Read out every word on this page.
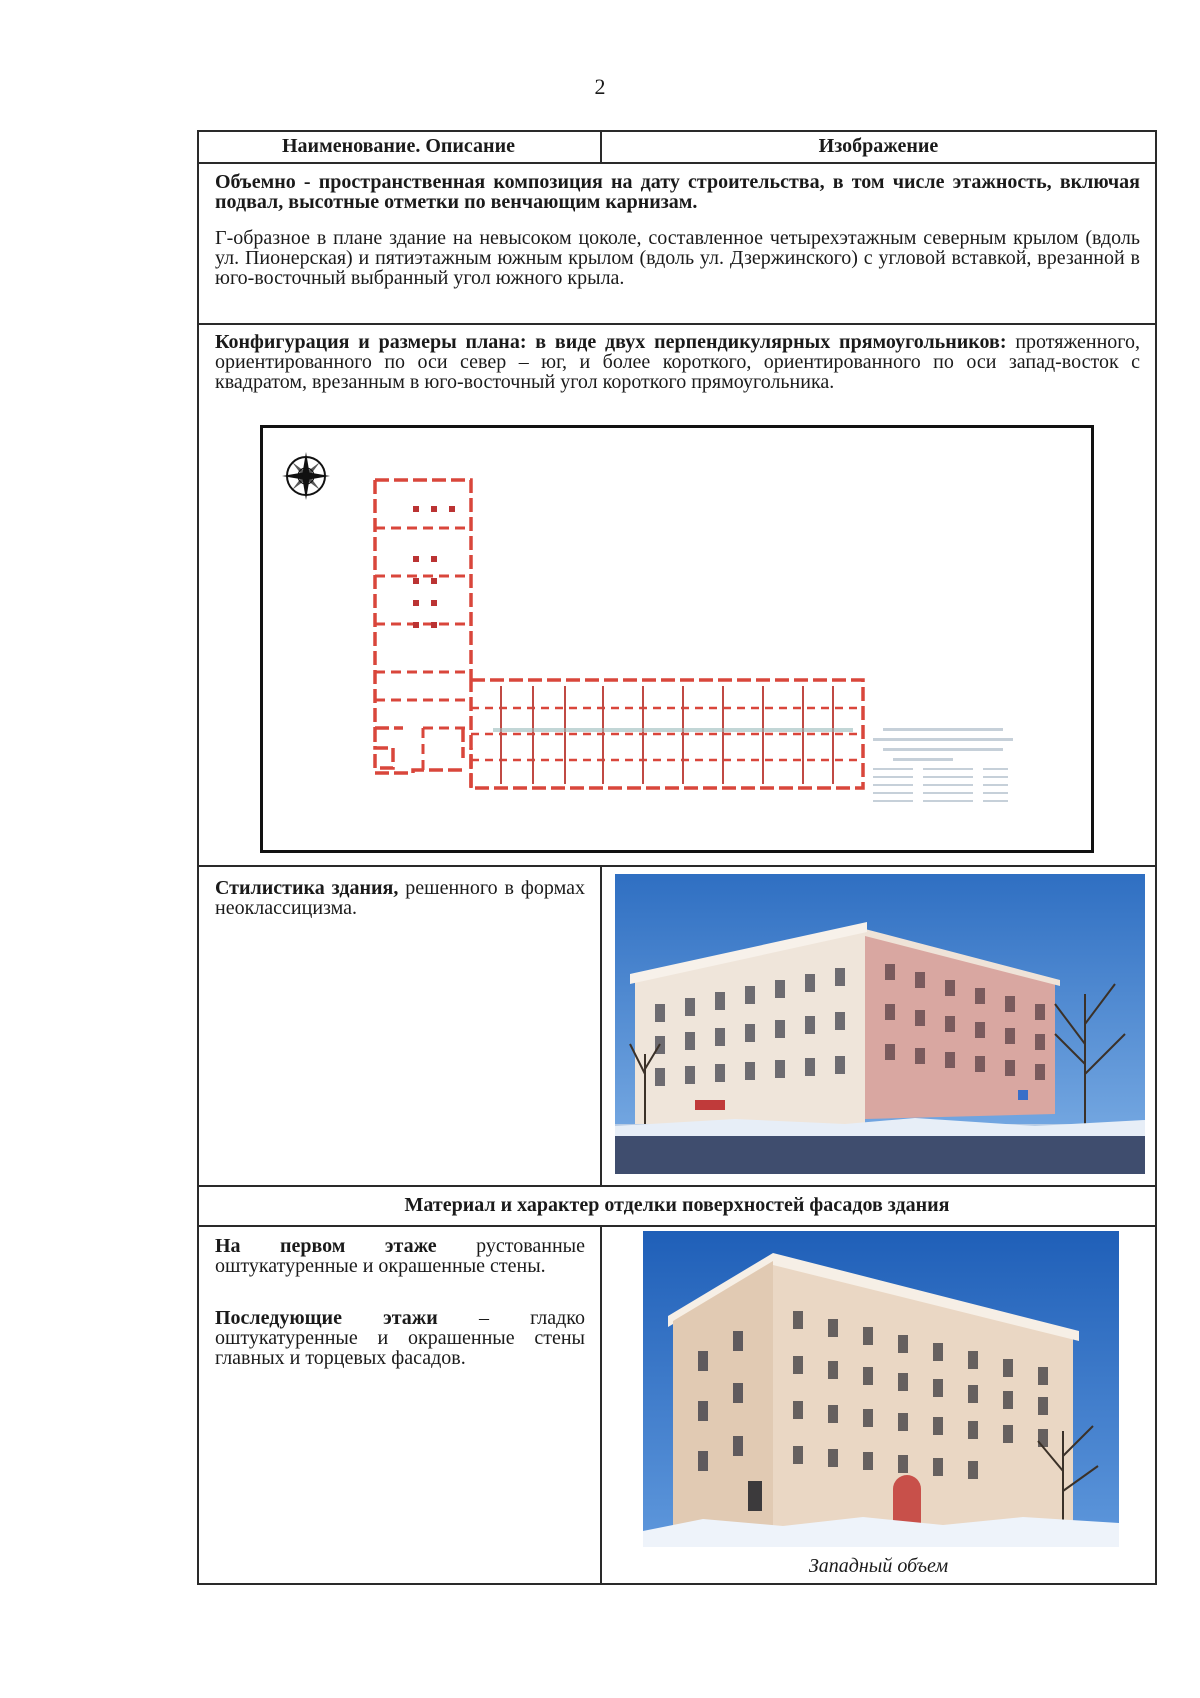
2
Наименование. Описание	Изображение
Объемно - пространственная композиция на дату строительства, в том числе этажность, включая подвал, высотные отметки по венчающим карнизам.
Г-образное в плане здание на невысоком цоколе, составленное четырехэтажным северным крылом (вдоль ул. Пионерская) и пятиэтажным южным крылом (вдоль ул. Дзержинского) с угловой вставкой, врезанной в юго-восточный выбранный угол южного крыла.
Конфигурация и размеры плана: в виде двух перпендикулярных прямоугольников: протяженного, ориентированного по оси север – юг, и более короткого, ориентированного по оси запад-восток с квадратом, врезанным в юго-восточный угол короткого прямоугольника.
Стилистика здания, решенного в формах неоклассицизма.
Материал и характер отделки поверхностей фасадов здания
На первом этаже рустованные оштукатуренные и окрашенные стены.
Последующие этажи – гладко оштукатуренные и окрашенные стены главных и торцевых фасадов.
Западный объем
